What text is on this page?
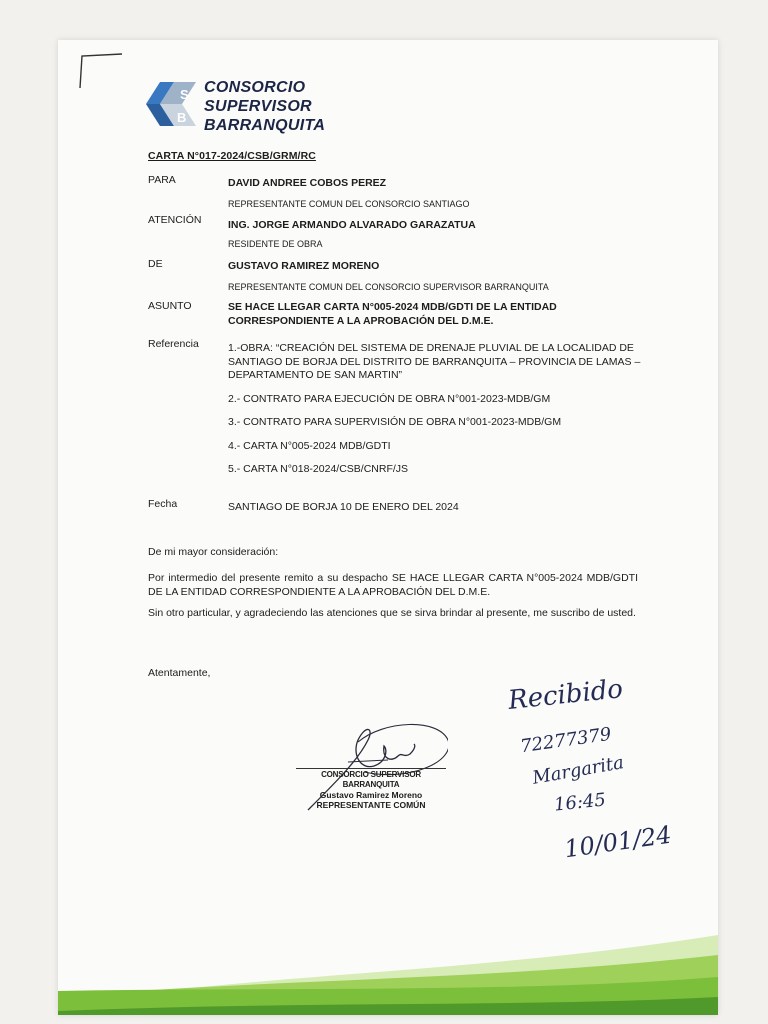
S
B
CONSORCIO
SUPERVISOR
BARRANQUITA
CARTA N°017-2024/CSB/GRM/RC
PARA	DAVID ANDREE COBOS PEREZ
REPRESENTANTE COMUN DEL CONSORCIO SANTIAGO
ATENCIÓN	ING. JORGE ARMANDO ALVARADO GARAZATUA
RESIDENTE DE OBRA
DE	GUSTAVO RAMIREZ MORENO
REPRESENTANTE COMUN DEL CONSORCIO SUPERVISOR BARRANQUITA
ASUNTO	SE HACE LLEGAR CARTA N°005-2024 MDB/GDTI DE LA ENTIDAD CORRESPONDIENTE A LA APROBACIÓN DEL D.M.E.
Referencia	1.-OBRA: “CREACIÓN DEL SISTEMA DE DRENAJE PLUVIAL DE LA LOCALIDAD DE SANTIAGO DE BORJA DEL DISTRITO DE BARRANQUITA – PROVINCIA DE LAMAS – DEPARTAMENTO DE SAN MARTIN”
2.- CONTRATO PARA EJECUCIÓN DE OBRA N°001-2023-MDB/GM
3.- CONTRATO PARA SUPERVISIÓN DE OBRA N°001-2023-MDB/GM
4.- CARTA N°005-2024 MDB/GDTI
5.- CARTA N°018-2024/CSB/CNRF/JS
Fecha	SANTIAGO DE BORJA 10 DE ENERO DEL 2024
De mi mayor consideración:
Por intermedio del presente remito a su despacho SE HACE LLEGAR CARTA N°005-2024 MDB/GDTI DE LA ENTIDAD CORRESPONDIENTE A LA APROBACIÓN DEL D.M.E.
Sin otro particular, y agradeciendo las atenciones que se sirva brindar al presente, me suscribo de usted.
Atentamente,
CONSORCIO SUPERVISOR BARRANQUITA
Gustavo Ramirez Moreno
REPRESENTANTE COMÚN
Recibido
72277379
Margarita
16:45
10/01/24
